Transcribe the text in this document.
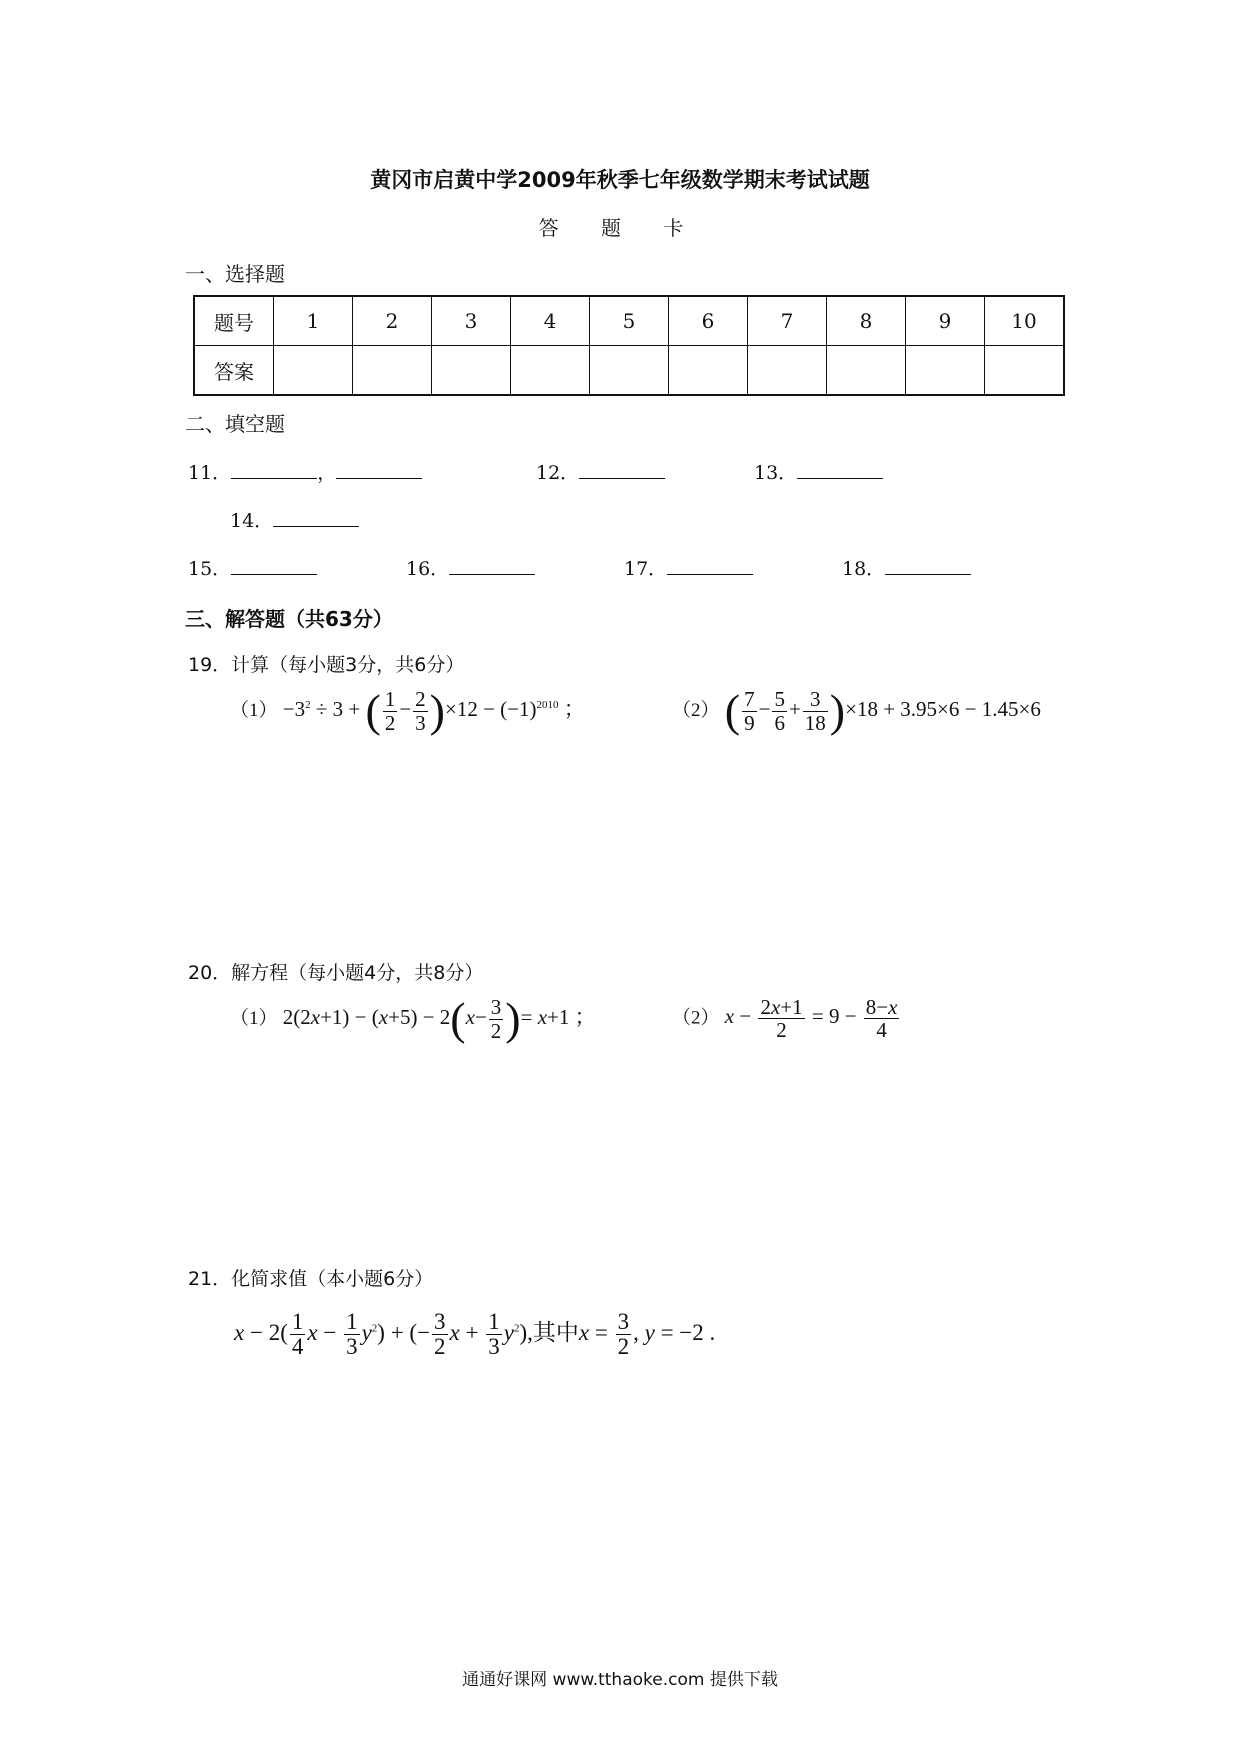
黄冈市启黄中学2009年秋季七年级数学期末考试试题
答 题 卡
一、选择题
题号	1	2	3	4	5	6	7	8	9	10
答案										
二、填空题
11．	，	12．	13．
14．
15．	16．	17．	18．
三、解答题（共63分）
19．计算（每小题3分，共6分）
$(1) -3^2 \div 3$ + ( $\frac{1}{2} - \frac{2}{3} )\times 12 - (-1)^{2010}$ ；	（2） ( $\frac{7}{9} - \frac{5}{6} + \frac{3}{18} )\times 18 + 3.95\times 6 - 1.45\times 6$
20．解方程（每小题4分，共8分）
（1） $2(2x+1) - (x+5) - 2(x- \frac{3}{2}$ )= x+1 ；	（2） $x - \frac{2x+1}{2} = 9 - \frac{8-x}{4}$
21．化简求值（本小题6分）
$x - 2( \frac{1}{4}$ $x - \frac{1}{3} y^2$) + (− $\frac{3}{2}$ $x + \frac{1}{3} y^2$),其中$x = \frac{3}{2}$ , y = −2 .
通通好课网 www.tthaoke.com 提供下载
